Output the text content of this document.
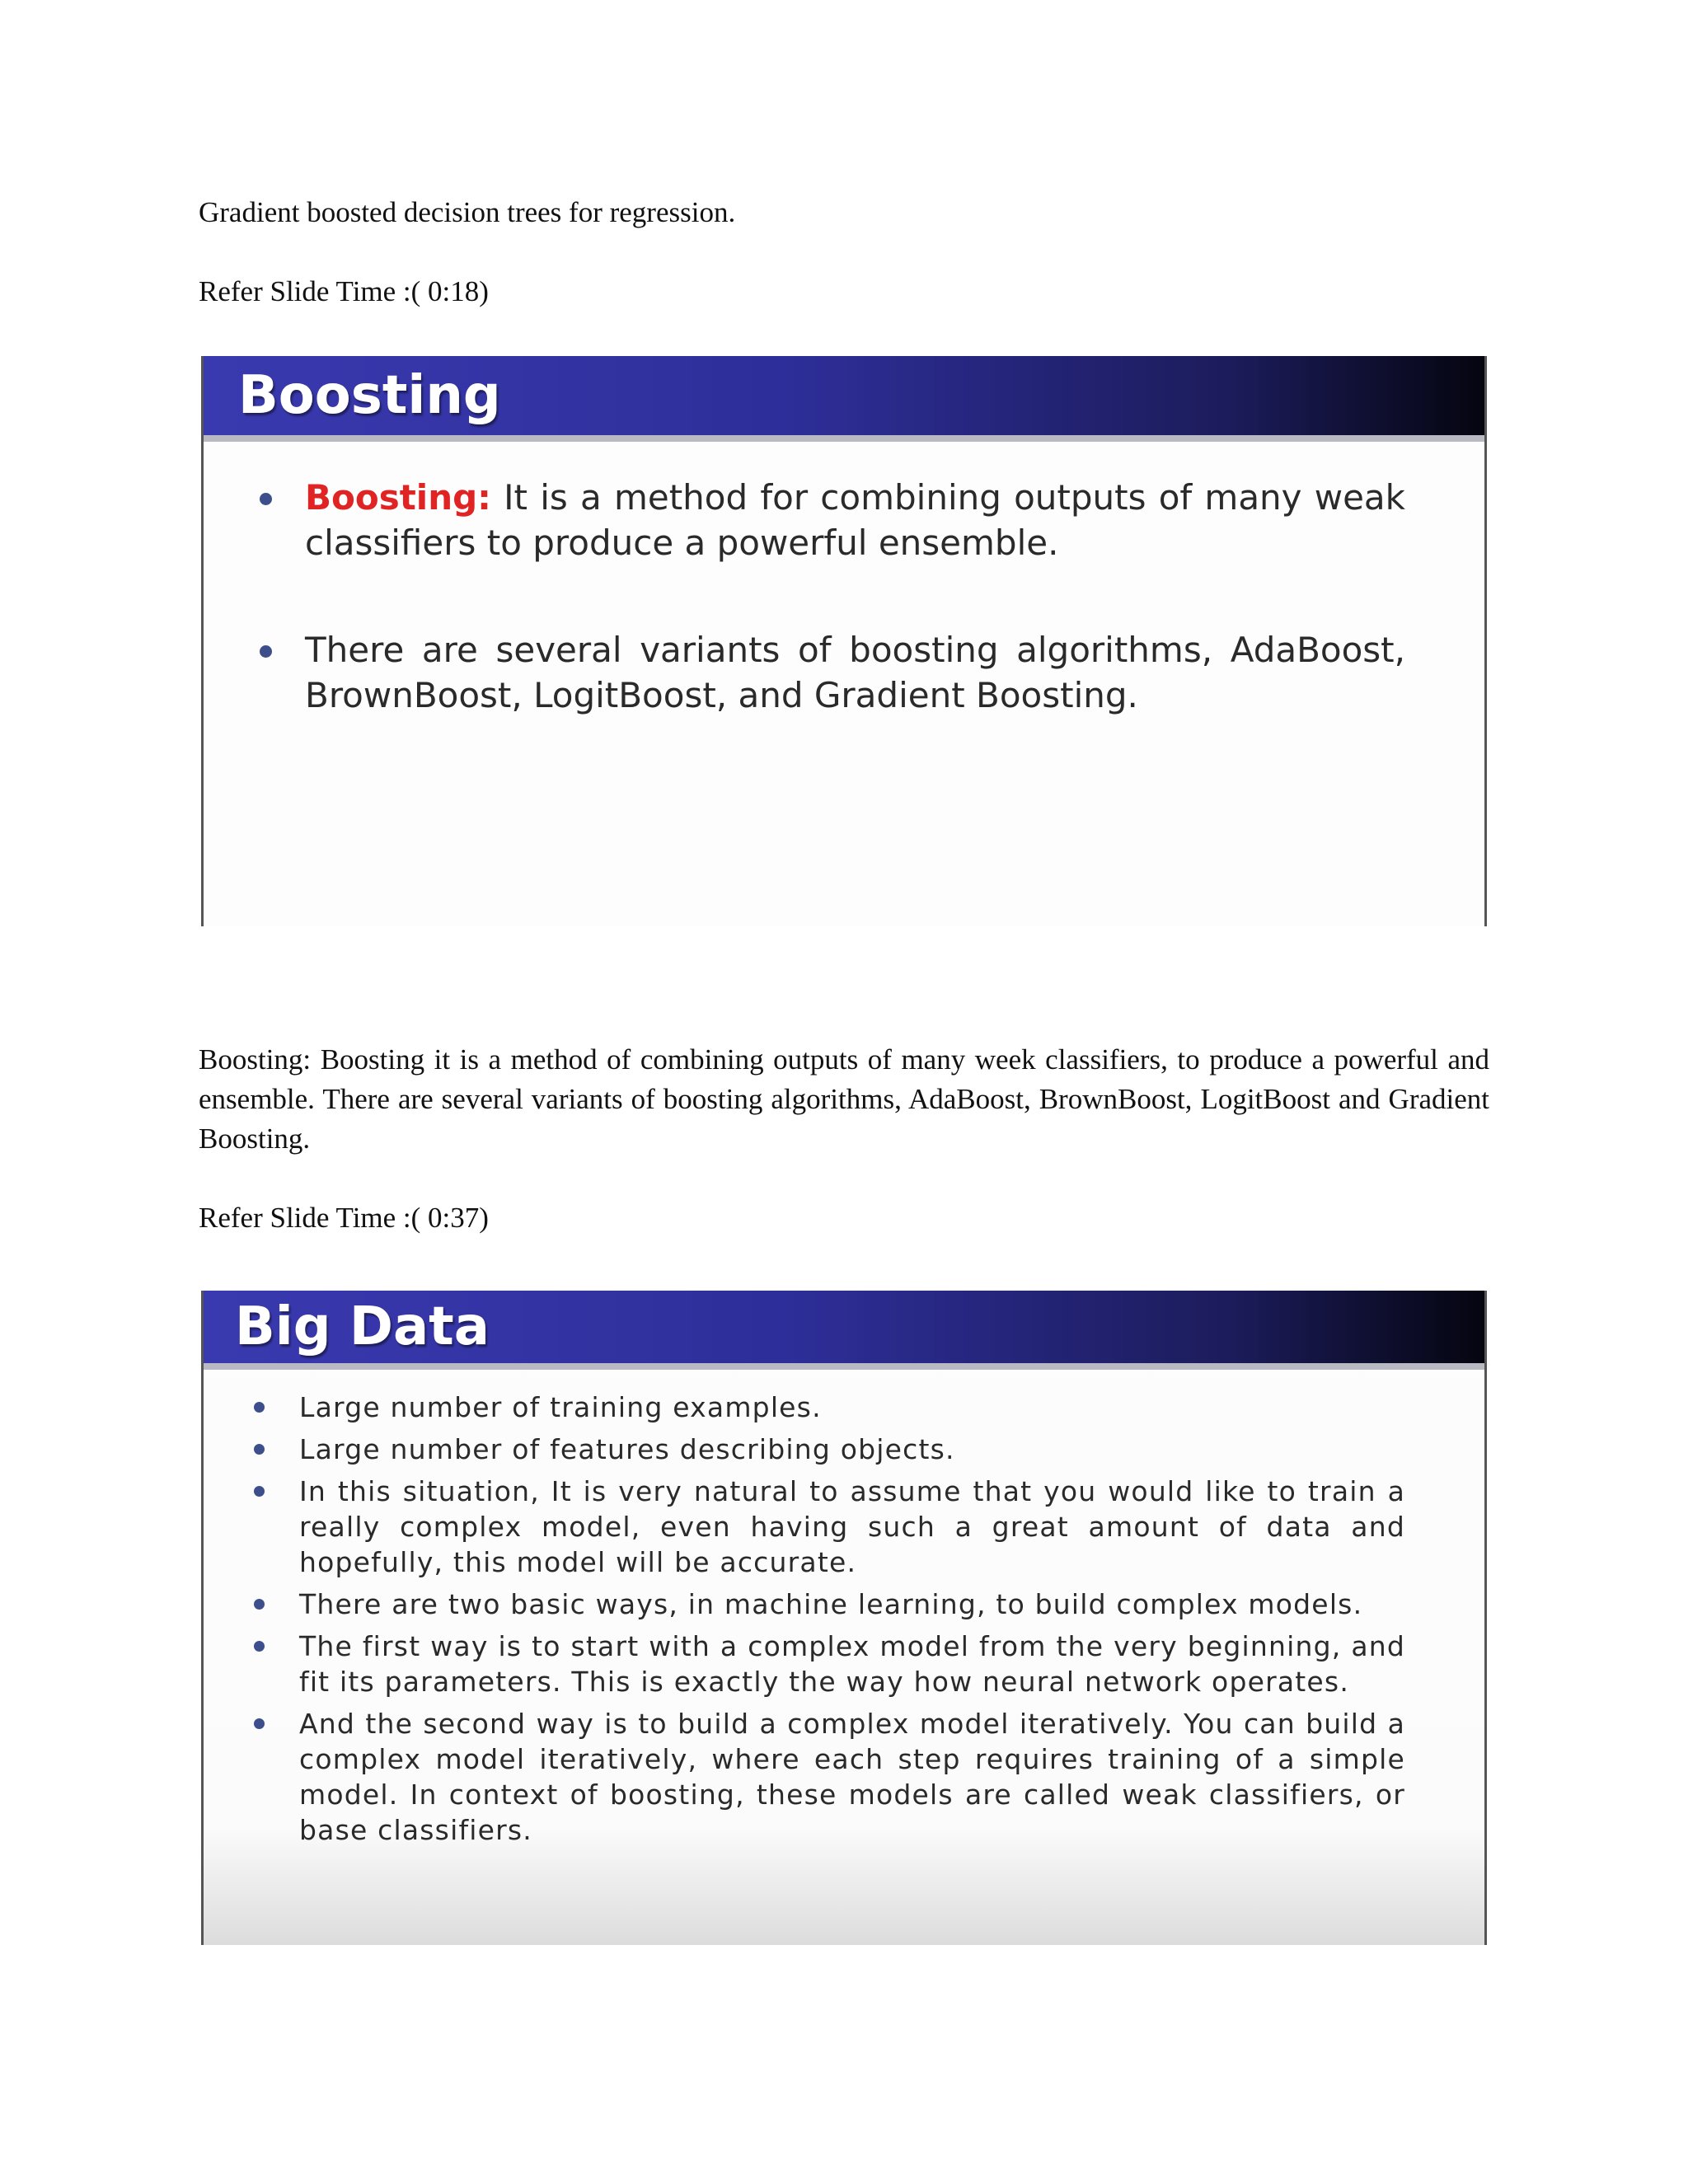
Gradient boosted decision trees for regression.

Refer Slide Time :( 0:18)

Boosting
Boosting: It is a method for combining outputs of many weak classifiers to produce a powerful ensemble.
There are several variants of boosting algorithms, AdaBoost, BrownBoost, LogitBoost, and Gradient Boosting.

Boosting: Boosting it is a method of combining outputs of many week classifiers, to produce a powerful and ensemble. There are several variants of boosting algorithms, AdaBoost, BrownBoost, LogitBoost and Gradient Boosting.

Refer Slide Time :( 0:37)

Big Data
Large number of training examples.
Large number of features describing objects.
In this situation, It is very natural to assume that you would like to train a really complex model, even having such a great amount of data and hopefully, this model will be accurate.
There are two basic ways, in machine learning, to build complex models.
The first way is to start with a complex model from the very beginning, and fit its parameters. This is exactly the way how neural network operates.
And the second way is to build a complex model iteratively. You can build a complex model iteratively, where each step requires training of a simple model. In context of boosting, these models are called weak classifiers, or base classifiers.
